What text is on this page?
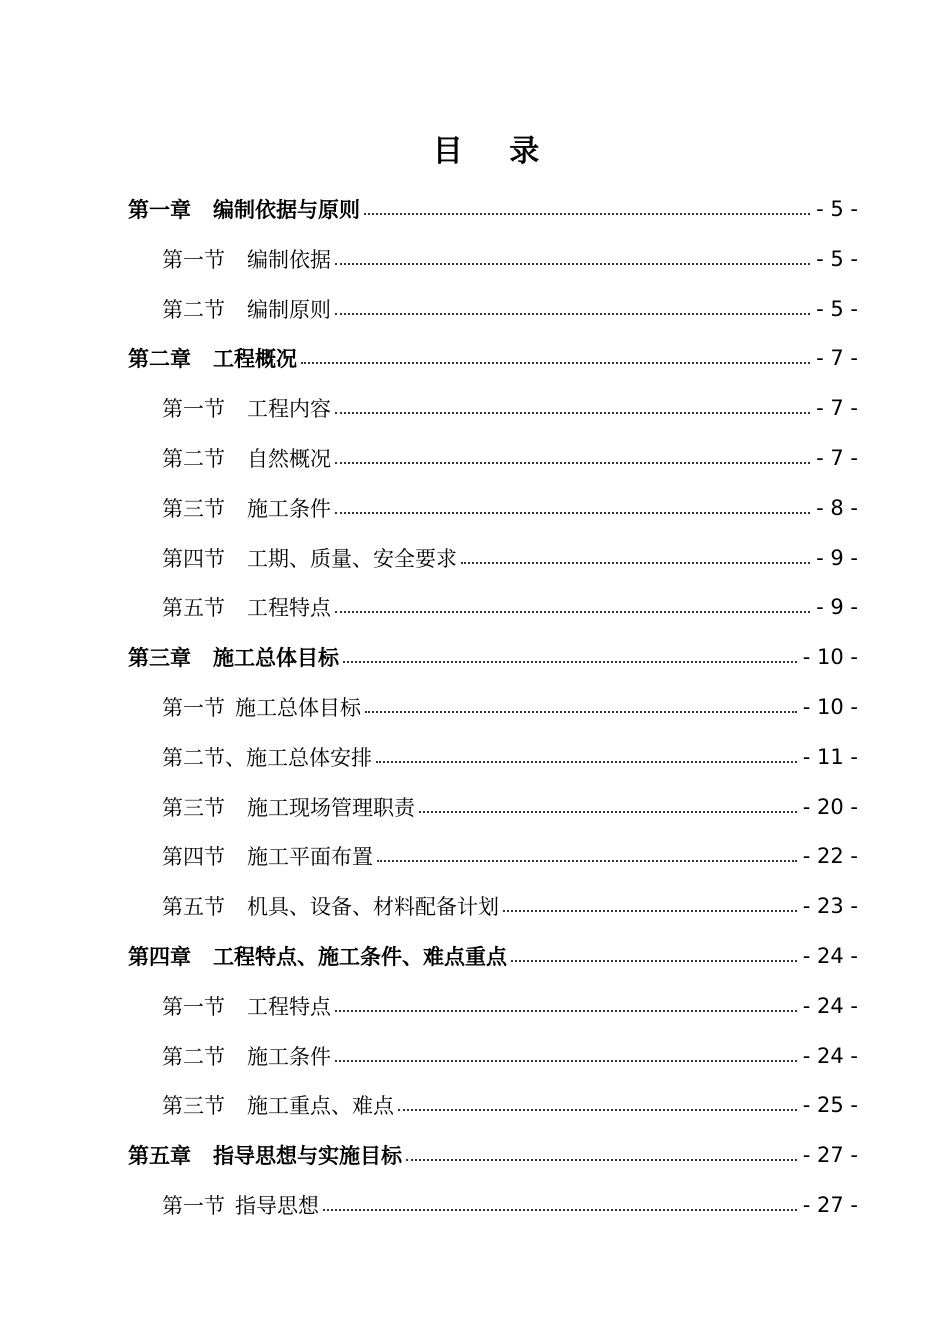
目 录
第一章 编制依据与原则	- 5 -
第一节 编制依据	- 5 -
第二节 编制原则	- 5 -
第二章 工程概况	- 7 -
第一节 工程内容	- 7 -
第二节 自然概况	- 7 -
第三节 施工条件	- 8 -
第四节 工期、质量、安全要求	- 9 -
第五节 工程特点	- 9 -
第三章 施工总体目标	- 10 -
第一节 施工总体目标	- 10 -
第二节、施工总体安排	- 11 -
第三节 施工现场管理职责	- 20 -
第四节 施工平面布置	- 22 -
第五节 机具、设备、材料配备计划	- 23 -
第四章 工程特点、施工条件、难点重点	- 24 -
第一节 工程特点	- 24 -
第二节 施工条件	- 24 -
第三节 施工重点、难点	- 25 -
第五章 指导思想与实施目标	- 27 -
第一节 指导思想	- 27 -
